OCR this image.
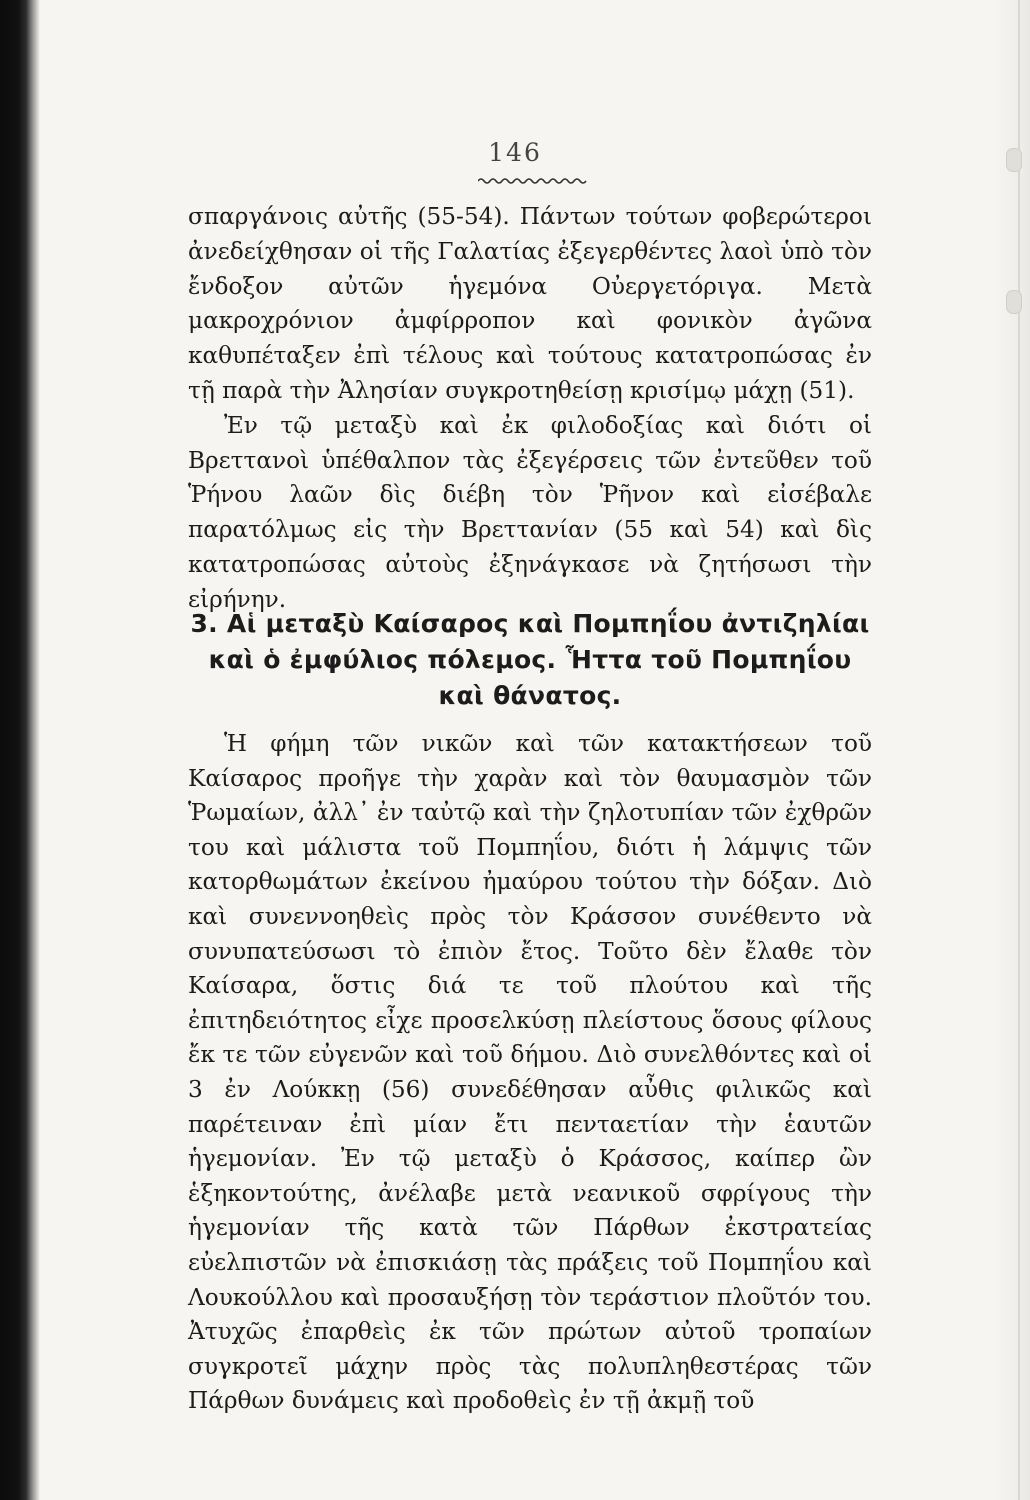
146

σπαργάνοις αὐτῆς (55-54). Πάντων τούτων φοβερώτεροι ἀνεδείχθησαν οἱ τῆς Γαλατίας ἐξεγερθέντες λαοὶ ὑπὸ τὸν ἔνδοξον αὐτῶν ἡγεμόνα Οὐεργετόριγα. Μετὰ μακροχρόνιον ἀμφίρροπον καὶ φονικὸν ἀγῶνα καθυπέταξεν ἐπὶ τέλους καὶ τούτους κατατροπώσας ἐν τῇ παρὰ τὴν Ἀλησίαν συγκροτηθείσῃ κρισίμῳ μάχῃ (51).

Ἐν τῷ μεταξὺ καὶ ἐκ φιλοδοξίας καὶ διότι οἱ Βρεττανοὶ ὑπέθαλπον τὰς ἐξεγέρσεις τῶν ἐντεῦθεν τοῦ Ῥήνου λαῶν δὶς διέβη τὸν Ῥῆνον καὶ εἰσέβαλε παρατόλμως εἰς τὴν Βρεττανίαν (55 καὶ 54) καὶ δὶς κατατροπώσας αὐτοὺς ἐξηνάγκασε νὰ ζητήσωσι τὴν εἰρήνην.

3. Αἱ μεταξὺ Καίσαρος καὶ Πομπηΐου ἀντιζηλίαι καὶ ὁ ἐμφύλιος πόλεμος. Ἧττα τοῦ Πομπηΐου καὶ θάνατος.

Ἡ φήμη τῶν νικῶν καὶ τῶν κατακτήσεων τοῦ Καίσαρος προῆγε τὴν χαρὰν καὶ τὸν θαυμασμὸν τῶν Ῥωμαίων, ἀλλ᾽ ἐν ταὐτῷ καὶ τὴν ζηλοτυπίαν τῶν ἐχθρῶν του καὶ μάλιστα τοῦ Πομπηΐου, διότι ἡ λάμψις τῶν κατορθωμάτων ἐκείνου ἠμαύρου τούτου τὴν δόξαν. Διὸ καὶ συνεννοηθεὶς πρὸς τὸν Κράσσον συνέθεντο νὰ συνυπατεύσωσι τὸ ἐπιὸν ἔτος. Τοῦτο δὲν ἔλαθε τὸν Καίσαρα, ὅστις διά τε τοῦ πλούτου καὶ τῆς ἐπιτηδειότητος εἶχε προσελκύσῃ πλείστους ὅσους φίλους ἔκ τε τῶν εὐγενῶν καὶ τοῦ δήμου. Διὸ συνελθόντες καὶ οἱ 3 ἐν Λούκκῃ (56) συνεδέθησαν αὖθις φιλικῶς καὶ παρέτειναν ἐπὶ μίαν ἔτι πενταετίαν τὴν ἑαυτῶν ἡγεμονίαν. Ἐν τῷ μεταξὺ ὁ Κράσσος, καίπερ ὢν ἑξηκοντούτης, ἀνέλαβε μετὰ νεανικοῦ σφρίγους τὴν ἡγεμονίαν τῆς κατὰ τῶν Πάρθων ἐκστρατείας εὐελπιστῶν νὰ ἐπισκιάσῃ τὰς πράξεις τοῦ Πομπηΐου καὶ Λουκούλλου καὶ προσαυξήσῃ τὸν τεράστιον πλοῦτόν του. Ἀτυχῶς ἐπαρθεὶς ἐκ τῶν πρώτων αὐτοῦ τροπαίων συγκροτεῖ μάχην πρὸς τὰς πολυπληθεστέρας τῶν Πάρθων δυνάμεις καὶ προδοθεὶς ἐν τῇ ἀκμῇ τοῦ
